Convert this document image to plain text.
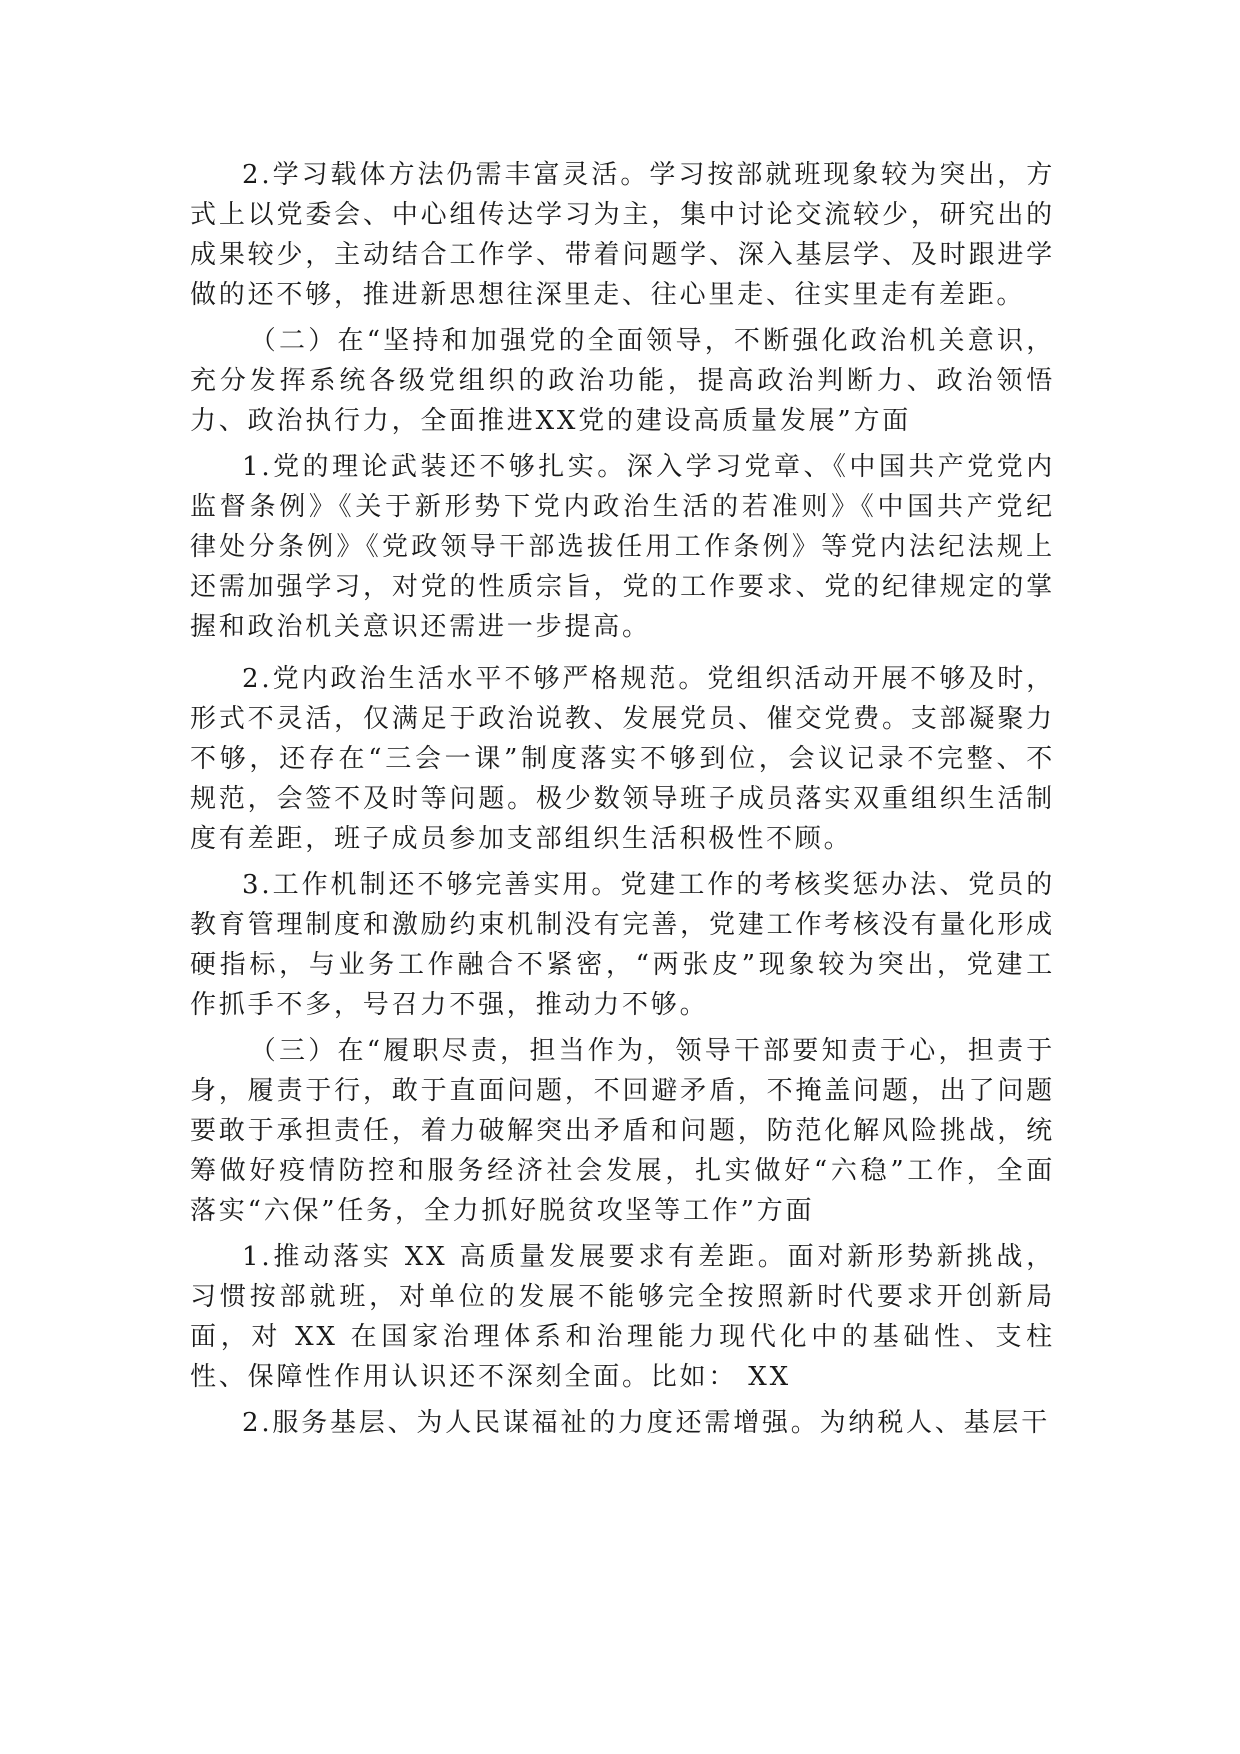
2.学习载体方法仍需丰富灵活。学习按部就班现象较为突出，方式上以党委会、中心组传达学习为主，集中讨论交流较少，研究出的成果较少，主动结合工作学、带着问题学、深入基层学、及时跟进学做的还不够，推进新思想往深里走、往心里走、往实里走有差距。

（二）在“坚持和加强党的全面领导，不断强化政治机关意识，充分发挥系统各级党组织的政治功能，提高政治判断力、政治领悟力、政治执行力，全面推进XX党的建设高质量发展”方面

1.党的理论武装还不够扎实。深入学习党章、《中国共产党党内监督条例》《关于新形势下党内政治生活的若准则》《中国共产党纪律处分条例》《党政领导干部选拔任用工作条例》等党内法纪法规上还需加强学习，对党的性质宗旨，党的工作要求、党的纪律规定的掌握和政治机关意识还需进一步提高。

2.党内政治生活水平不够严格规范。党组织活动开展不够及时，形式不灵活，仅满足于政治说教、发展党员、催交党费。支部凝聚力不够，还存在“三会一课”制度落实不够到位，会议记录不完整、不规范，会签不及时等问题。极少数领导班子成员落实双重组织生活制度有差距，班子成员参加支部组织生活积极性不顾。

3.工作机制还不够完善实用。党建工作的考核奖惩办法、党员的教育管理制度和激励约束机制没有完善，党建工作考核没有量化形成硬指标，与业务工作融合不紧密，“两张皮”现象较为突出，党建工作抓手不多，号召力不强，推动力不够。

（三）在“履职尽责，担当作为，领导干部要知责于心，担责于身，履责于行，敢于直面问题，不回避矛盾，不掩盖问题，出了问题要敢于承担责任，着力破解突出矛盾和问题，防范化解风险挑战，统筹做好疫情防控和服务经济社会发展，扎实做好“六稳”工作，全面落实“六保”任务，全力抓好脱贫攻坚等工作”方面

1.推动落实 XX 高质量发展要求有差距。面对新形势新挑战，习惯按部就班，对单位的发展不能够完全按照新时代要求开创新局面，对 XX 在国家治理体系和治理能力现代化中的基础性、支柱性、保障性作用认识还不深刻全面。比如： XX

2.服务基层、为人民谋福祉的力度还需增强。为纳税人、基层干
